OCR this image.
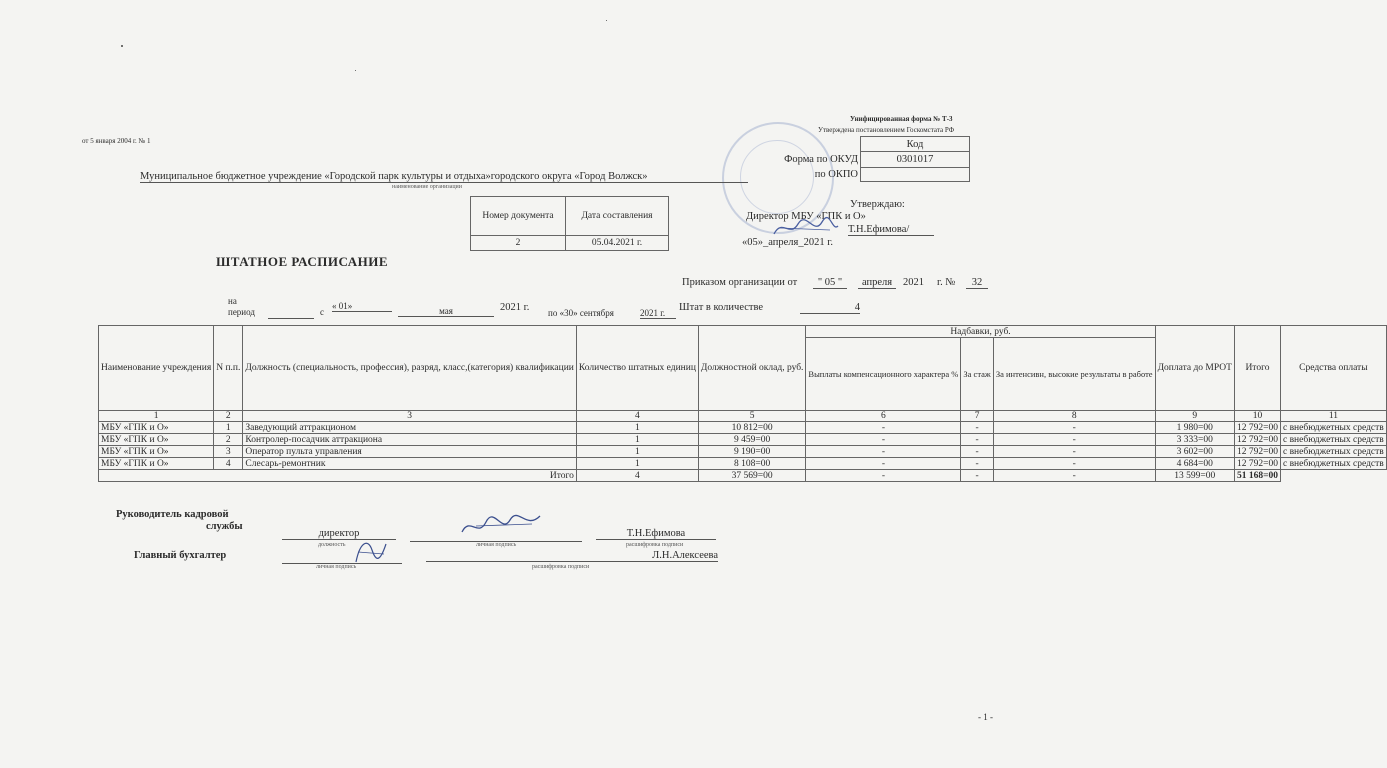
Унифицированная форма № Т-3
Утверждена постановлением Госкомстата РФ
от 5 января 2004 г. № 1
		Код
Форма по ОКУД	0301017
по ОКПО	
Муниципальное бюджетное учреждение «Городской парк культуры и отдыха»городского округа «Город Волжск»
наименование организации
Номер документа	Дата составления
2	05.04.2021 г.
Утверждаю:
Директор МБУ «ГПК и О»
Т.Н.Ефимова/
«05»_апреля_2021 г.
ШТАТНОЕ РАСПИСАНИЕ
Приказом организации от	" 05 "	апреля	2021 г. №	32
на
период	с
« 01»	мая	2021 г. по «30» сентября	2021 г.	Штат в количестве	4
Наименование учреждения	N п.п.	Должность (специальность, профессия), разряд, класс,(категория) квалификации	Количество штатных единиц	Должностной оклад, руб.	Надбавки, руб.			Доплата до МРОТ	Итого	Средства оплаты
					Выплаты компенсационного характера %	За стаж	За интенсивн, высокие результаты в работе			
1	2	3	4	5	6	7	8	9	10	11
МБУ «ГПК и О»	1	Заведующий аттракционом	1	10 812=00	-	-	-	1 980=00	12 792=00	с внебюджетных средств
МБУ «ГПК и О»	2	Контролер-посадчик аттракциона	1	9 459=00	-	-	-	3 333=00	12 792=00	с внебюджетных средств
МБУ «ГПК и О»	3	Оператор пульта управления	1	9 190=00	-	-	-	3 602=00	12 792=00	с внебюджетных средств
МБУ «ГПК и О»	4	Слесарь-ремонтник	1	8 108=00	-	-	-	4 684=00	12 792=00	с внебюджетных средств
Итого			4	37 569=00	-	-	-	13 599=00	51 168=00	
Руководитель кадровой
службы
директор
должность	личная подпись
Т.Н.Ефимова
расшифровка подписи
Главный бухгалтер
личная подпись
Л.Н.Алексеева
расшифровка подписи
- 1 -
